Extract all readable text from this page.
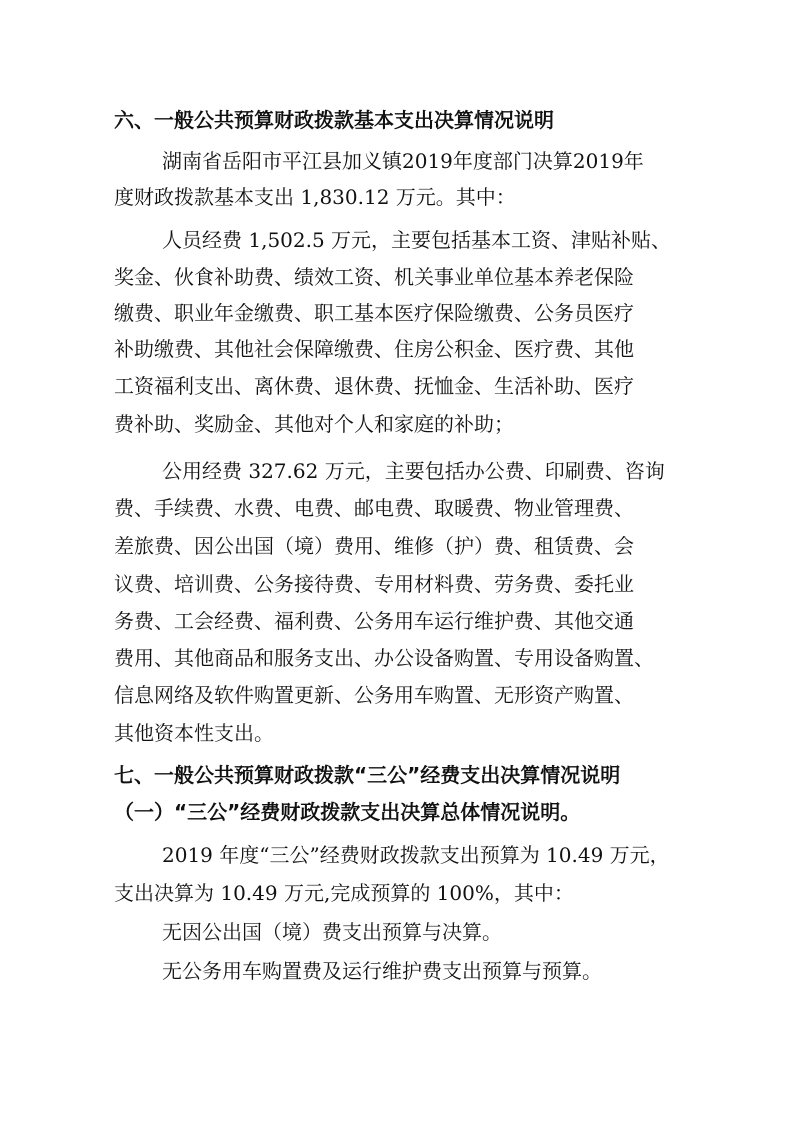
六、一般公共预算财政拨款基本支出决算情况说明
湖南省岳阳市平江县加义镇2019年度部门决算2019年
度财政拨款基本支出 1,830.12 万元。其中：
人员经费 1,502.5 万元，主要包括基本工资、津贴补贴、
奖金、伙食补助费、绩效工资、机关事业单位基本养老保险
缴费、职业年金缴费、职工基本医疗保险缴费、公务员医疗
补助缴费、其他社会保障缴费、住房公积金、医疗费、其他
工资福利支出、离休费、退休费、抚恤金、生活补助、医疗
费补助、奖励金、其他对个人和家庭的补助；
公用经费 327.62 万元，主要包括办公费、印刷费、咨询
费、手续费、水费、电费、邮电费、取暖费、物业管理费、
差旅费、因公出国（境）费用、维修（护）费、租赁费、会
议费、培训费、公务接待费、专用材料费、劳务费、委托业
务费、工会经费、福利费、公务用车运行维护费、其他交通
费用、其他商品和服务支出、办公设备购置、专用设备购置、
信息网络及软件购置更新、公务用车购置、无形资产购置、
其他资本性支出。
七、一般公共预算财政拨款“三公”经费支出决算情况说明
（一）“三公”经费财政拨款支出决算总体情况说明。
2019 年度“三公”经费财政拨款支出预算为 10.49 万元，
支出决算为 10.49 万元,完成预算的 100%，其中：
无因公出国（境）费支出预算与决算。
无公务用车购置费及运行维护费支出预算与预算。
